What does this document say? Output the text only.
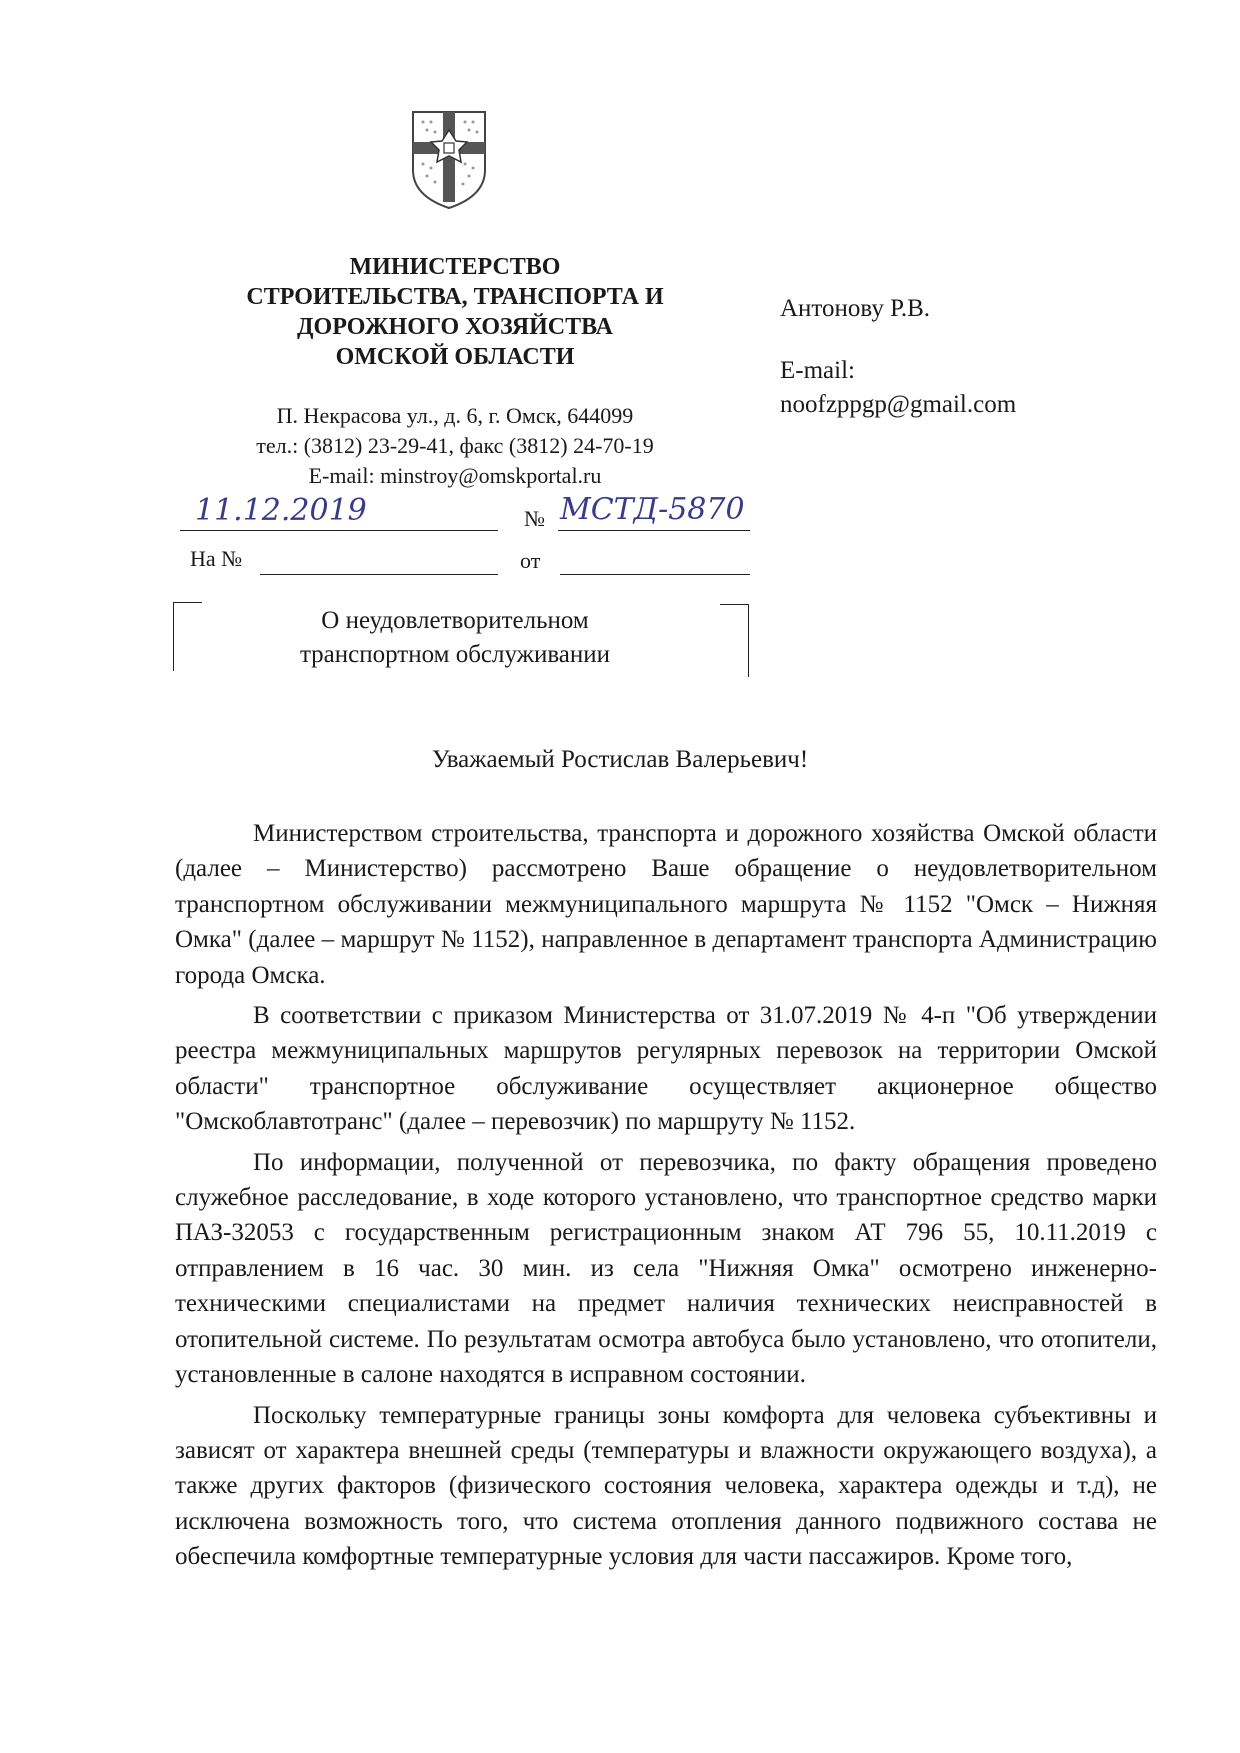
МИНИСТЕРСТВО
СТРОИТЕЛЬСТВА, ТРАНСПОРТА И
ДОРОЖНОГО ХОЗЯЙСТВА
ОМСКОЙ ОБЛАСТИ
П. Некрасова ул., д. 6, г. Омск, 644099
тел.: (3812) 23-29-41, факс (3812) 24-70-19
E-mail: minstroy@omskportal.ru
Антонову Р.В.
E-mail:
noofzppgp@gmail.com
11.12.2019	№ МСТД-5870
На №	от
О неудовлетворительном
транспортном обслуживании
Уважаемый Ростислав Валерьевич!

Министерством строительства, транспорта и дорожного хозяйства Омской области (далее – Министерство) рассмотрено Ваше обращение о неудовлетворительном транспортном обслуживании межмуниципального маршрута № 1152 "Омск – Нижняя Омка" (далее – маршрут № 1152), направленное в департамент транспорта Администрацию города Омска.

В соответствии с приказом Министерства от 31.07.2019 № 4-п "Об утверждении реестра межмуниципальных маршрутов регулярных перевозок на территории Омской области" транспортное обслуживание осуществляет акционерное общество "Омскоблавтотранс" (далее – перевозчик) по маршруту № 1152.

По информации, полученной от перевозчика, по факту обращения проведено служебное расследование, в ходе которого установлено, что транспортное средство марки ПАЗ-32053 с государственным регистрационным знаком АТ 796 55, 10.11.2019 с отправлением в 16 час. 30 мин. из села "Нижняя Омка" осмотрено инженерно-техническими специалистами на предмет наличия технических неисправностей в отопительной системе. По результатам осмотра автобуса было установлено, что отопители, установленные в салоне находятся в исправном состоянии.

Поскольку температурные границы зоны комфорта для человека субъективны и зависят от характера внешней среды (температуры и влажности окружающего воздуха), а также других факторов (физического состояния человека, характера одежды и т.д), не исключена возможность того, что система отопления данного подвижного состава не обеспечила комфортные температурные условия для части пассажиров. Кроме того,
